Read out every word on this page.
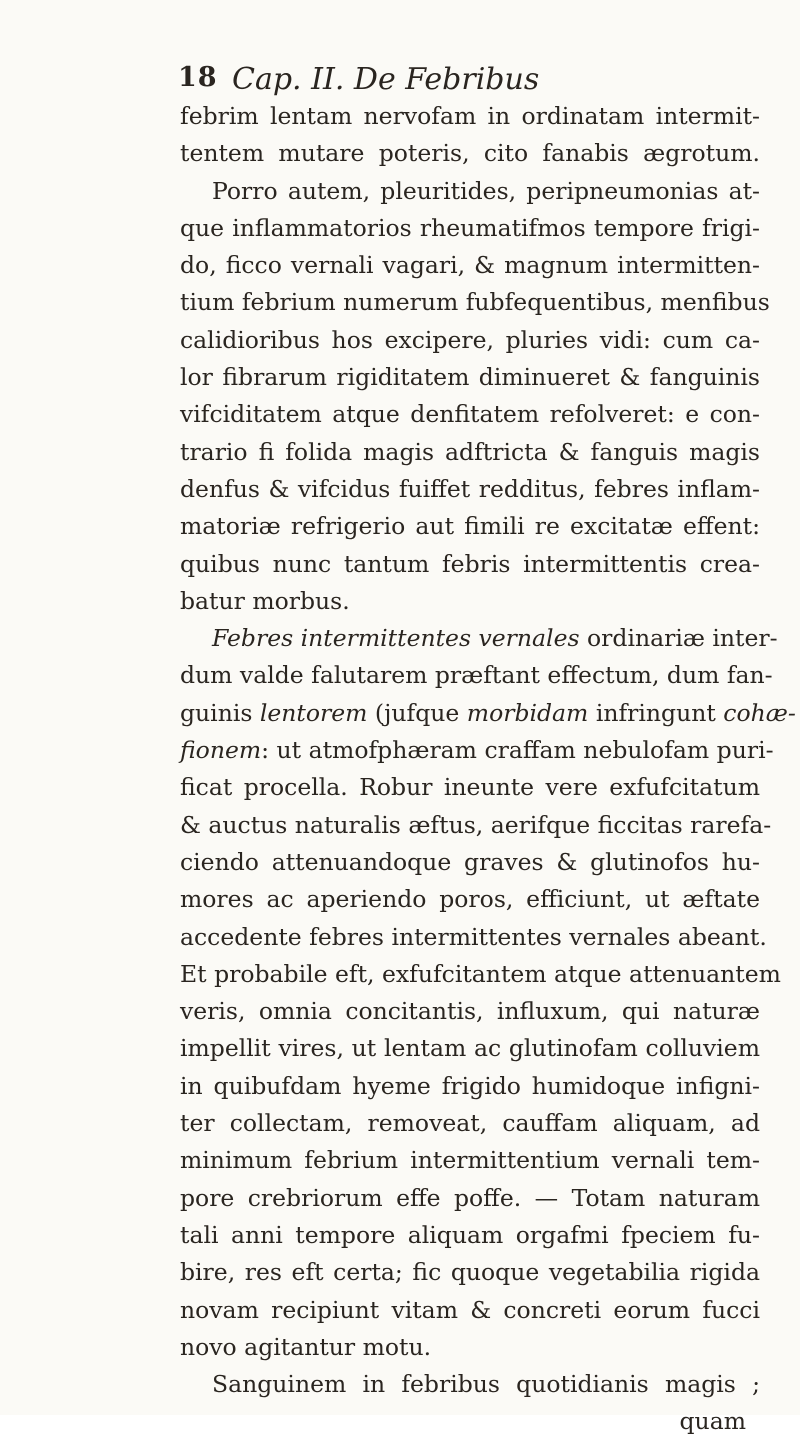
18 Cap. II. De Febribus
febrim lentam nervofam in ordinatam intermit-
tentem mutare poteris, cito fanabis ægrotum.
Porro autem, pleuritides, peripneumonias at-
que inflammatorios rheumatifmos tempore frigi-
do, ficco vernali vagari, & magnum intermitten-
tium febrium numerum fubfequentibus, menfibus
calidioribus hos excipere, pluries vidi: cum ca-
lor fibrarum rigiditatem diminueret & fanguinis
vifciditatem atque denfitatem refolveret: e con-
trario fi folida magis adftricta & fanguis magis
denfus & vifcidus fuiffet redditus, febres inflam-
matoriæ refrigerio aut fimili re excitatæ effent:
quibus nunc tantum febris intermittentis crea-
batur morbus.
Febres intermittentes vernales ordinariæ inter-
dum valde falutarem præftant effectum, dum fan-
guinis lentorem (jufque morbidam infringunt cohæ-
fionem: ut atmofphæram craffam nebulofam puri-
ficat procella. Robur ineunte vere exfufcitatum
& auctus naturalis æftus, aerifque ficcitas rarefa-
ciendo attenuandoque graves & glutinofos hu-
mores ac aperiendo poros, efficiunt, ut æftate
accedente febres intermittentes vernales abeant.
Et probabile eft, exfufcitantem atque attenuantem
veris, omnia concitantis, influxum, qui naturæ
impellit vires, ut lentam ac glutinofam colluviem
in quibufdam hyeme frigido humidoque infigni-
ter collectam, removeat, cauffam aliquam, ad
minimum febrium intermittentium vernali tem-
pore crebriorum effe poffe. — Totam naturam
tali anni tempore aliquam orgafmi fpeciem fu-
bire, res eft certa; fic quoque vegetabilia rigida
novam recipiunt vitam & concreti eorum fucci
novo agitantur motu.
Sanguinem in febribus quotidianis magis ;
quam
